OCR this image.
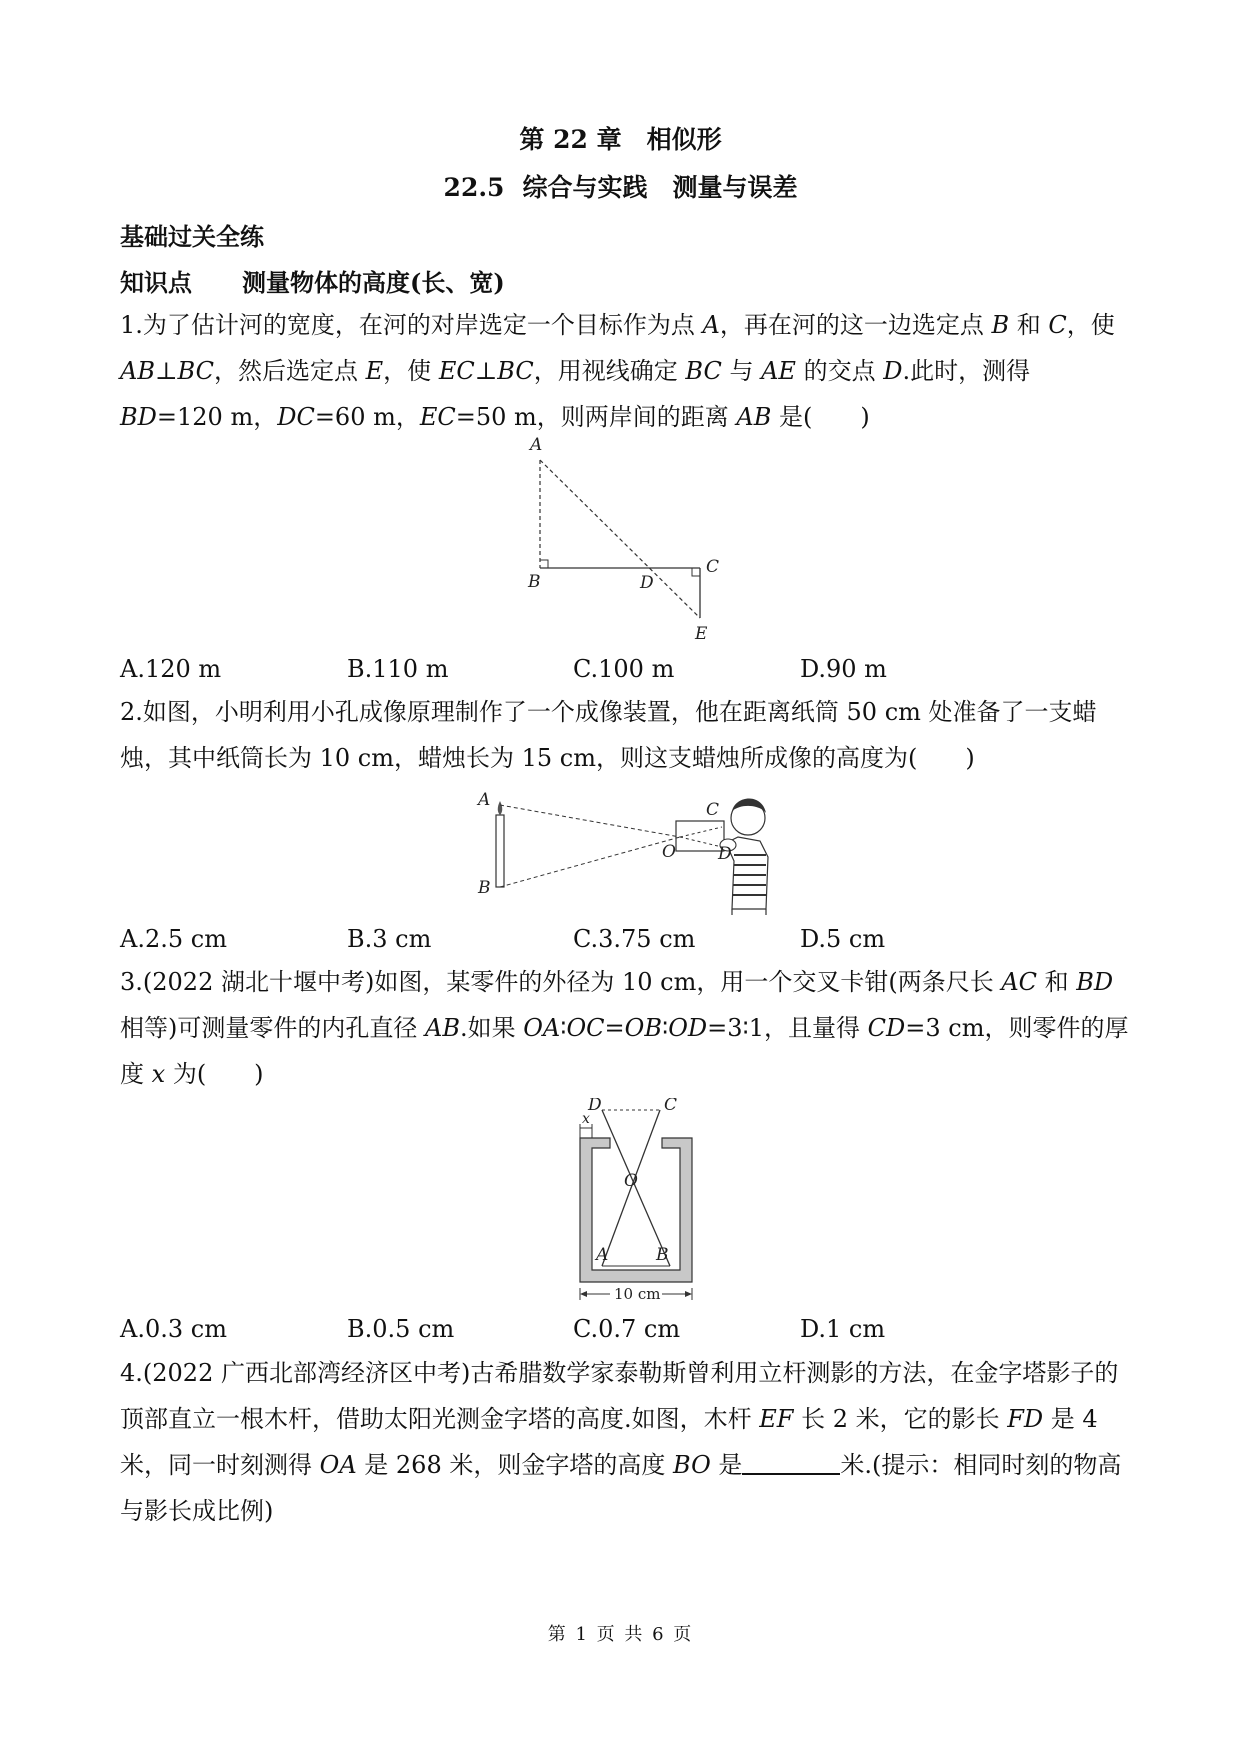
第 22 章　相似形
22.5 综合与实践　测量与误差
基础过关全练
知识点 测量物体的高度(长、宽)
1.为了估计河的宽度，在河的对岸选定一个目标作为点 A，再在河的这一边选定点 B 和 C，使 AB⊥BC，然后选定点 E，使 EC⊥BC，用视线确定 BC 与 AE 的交点 D.此时，测得 BD=120 m，DC=60 m，EC=50 m，则两岸间的距离 AB 是(　　)
A
B
C
D
E
A.120 m	B.110 m	C.100 m	D.90 m
2.如图，小明利用小孔成像原理制作了一个成像装置，他在距离纸筒 50 cm 处准备了一支蜡烛，其中纸筒长为 10 cm，蜡烛长为 15 cm，则这支蜡烛所成像的高度为(　　)
A
B
C
D
O
A.2.5 cm	B.3 cm	C.3.75 cm	D.5 cm
3.(2022 湖北十堰中考)如图，某零件的外径为 10 cm，用一个交叉卡钳(两条尺长 AC 和 BD 相等)可测量零件的内孔直径 AB.如果 OA∶OC=OB∶OD=3∶1，且量得 CD=3 cm，则零件的厚度 x 为(　　)
10 cm
D	C
x
O
A	B
A.0.3 cm	B.0.5 cm	C.0.7 cm	D.1 cm
4.(2022 广西北部湾经济区中考)古希腊数学家泰勒斯曾利用立杆测影的方法，在金字塔影子的顶部直立一根木杆，借助太阳光测金字塔的高度.如图，木杆 EF 长 2 米，它的影长 FD 是 4 米，同一时刻测得 OA 是 268 米，则金字塔的高度 BO 是	米.(提示：相同时刻的物高与影长成比例)
第 1 页 共 6 页
